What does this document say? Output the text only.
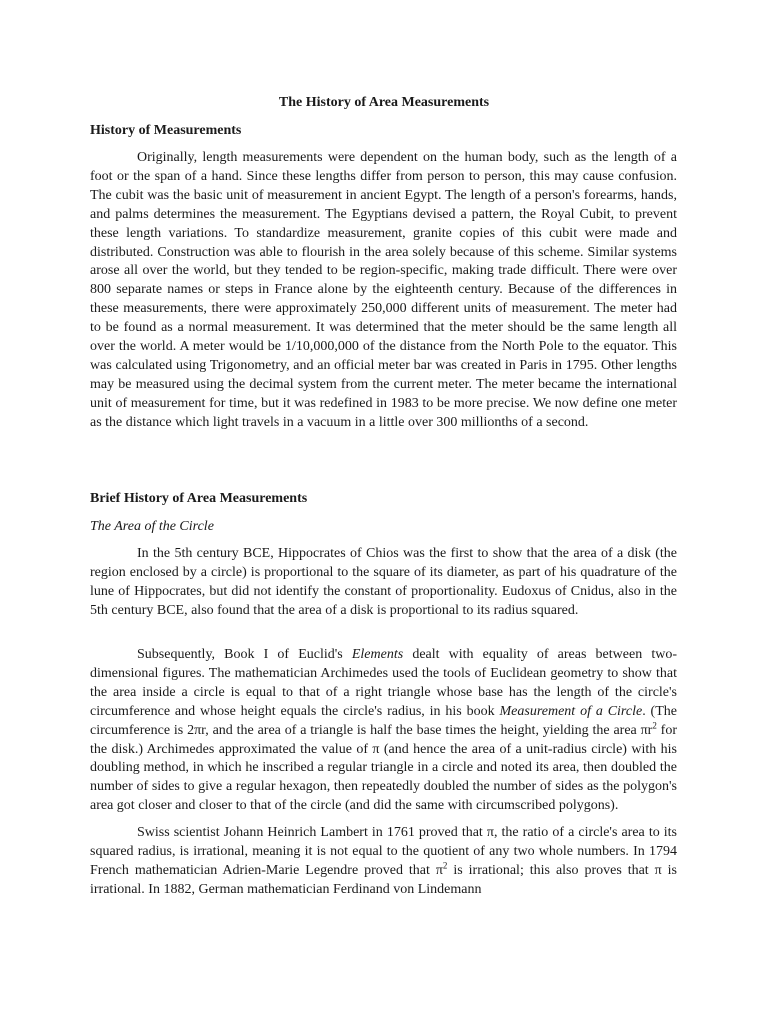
The History of Area Measurements
History of Measurements

Originally, length measurements were dependent on the human body, such as the length of a foot or the span of a hand. Since these lengths differ from person to person, this may cause confusion. The cubit was the basic unit of measurement in ancient Egypt. The length of a person's forearms, hands, and palms determines the measurement. The Egyptians devised a pattern, the Royal Cubit, to prevent these length variations. To standardize measurement, granite copies of this cubit were made and distributed. Construction was able to flourish in the area solely because of this scheme. Similar systems arose all over the world, but they tended to be region-specific, making trade difficult. There were over 800 separate names or steps in France alone by the eighteenth century. Because of the differences in these measurements, there were approximately 250,000 different units of measurement. The meter had to be found as a normal measurement. It was determined that the meter should be the same length all over the world. A meter would be 1/10,000,000 of the distance from the North Pole to the equator. This was calculated using Trigonometry, and an official meter bar was created in Paris in 1795. Other lengths may be measured using the decimal system from the current meter. The meter became the international unit of measurement for time, but it was redefined in 1983 to be more precise. We now define one meter as the distance which light travels in a vacuum in a little over 300 millionths of a second.

Brief History of Area Measurements
The Area of the Circle

In the 5th century BCE, Hippocrates of Chios was the first to show that the area of a disk (the region enclosed by a circle) is proportional to the square of its diameter, as part of his quadrature of the lune of Hippocrates, but did not identify the constant of proportionality. Eudoxus of Cnidus, also in the 5th century BCE, also found that the area of a disk is proportional to its radius squared.

Subsequently, Book I of Euclid's Elements dealt with equality of areas between two-dimensional figures. The mathematician Archimedes used the tools of Euclidean geometry to show that the area inside a circle is equal to that of a right triangle whose base has the length of the circle's circumference and whose height equals the circle's radius, in his book Measurement of a Circle. (The circumference is 2πr, and the area of a triangle is half the base times the height, yielding the area $\pi r^2$ for the disk.) Archimedes approximated the value of π (and hence the area of a unit-radius circle) with his doubling method, in which he inscribed a regular triangle in a circle and noted its area, then doubled the number of sides to give a regular hexagon, then repeatedly doubled the number of sides as the polygon's area got closer and closer to that of the circle (and did the same with circumscribed polygons).

Swiss scientist Johann Heinrich Lambert in 1761 proved that π, the ratio of a circle's area to its squared radius, is irrational, meaning it is not equal to the quotient of any two whole numbers. In 1794 French mathematician Adrien-Marie Legendre proved that $\pi^2$ is irrational; this also proves that π is irrational. In 1882, German mathematician Ferdinand von Lindemann
